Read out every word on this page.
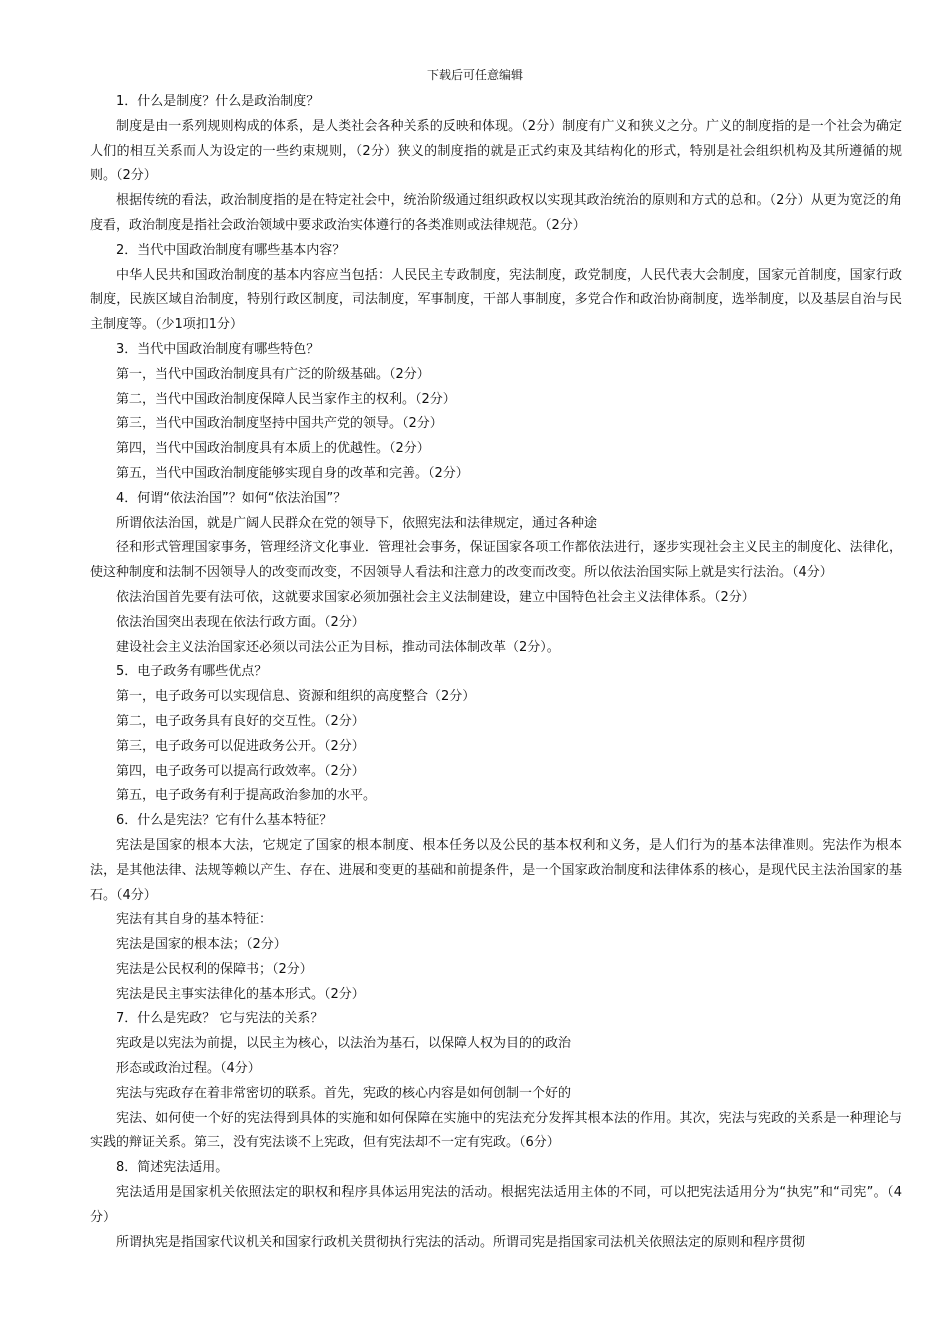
下载后可任意编辑

1．什么是制度？什么是政治制度？

制度是由一系列规则构成的体系，是人类社会各种关系的反映和体现。（2分）制度有广义和狭义之分。广义的制度指的是一个社会为确定人们的相互关系而人为设定的一些约束规则，（2分）狭义的制度指的就是正式约束及其结构化的形式，特别是社会组织机构及其所遵循的规则。（2分）

根据传统的看法，政治制度指的是在特定社会中，统治阶级通过组织政权以实现其政治统治的原则和方式的总和。（2分）从更为宽泛的角度看，政治制度是指社会政治领域中要求政治实体遵行的各类准则或法律规范。（2分）

2．当代中国政治制度有哪些基本内容？

中华人民共和国政治制度的基本内容应当包括：人民民主专政制度，宪法制度，政党制度，人民代表大会制度，国家元首制度，国家行政制度，民族区域自治制度，特别行政区制度，司法制度，军事制度，干部人事制度，多党合作和政治协商制度，选举制度，以及基层自治与民主制度等。（少1项扣1分）

3．当代中国政治制度有哪些特色？

第一，当代中国政治制度具有广泛的阶级基础。（2分）

第二，当代中国政治制度保障人民当家作主的权利。（2分）

第三，当代中国政治制度坚持中国共产党的领导。（2分）

第四，当代中国政治制度具有本质上的优越性。（2分）

第五，当代中国政治制度能够实现自身的改革和完善。（2分）

4．何谓“依法治国”？如何“依法治国”？

所谓依法治国，就是广阔人民群众在党的领导下，依照宪法和法律规定，通过各种途

径和形式管理国家事务，管理经济文化事业．管理社会事务，保证国家各项工作都依法进行，逐步实现社会主义民主的制度化、法律化，使这种制度和法制不因领导人的改变而改变，不因领导人看法和注意力的改变而改变。所以依法治国实际上就是实行法治。（4分）

依法治国首先要有法可依，这就要求国家必须加强社会主义法制建设，建立中国特色社会主义法律体系。（2分）

依法治国突出表现在依法行政方面。（2分）

建设社会主义法治国家还必须以司法公正为目标，推动司法体制改革（2分）。

5．电子政务有哪些优点？

第一，电子政务可以实现信息、资源和组织的高度整合（2分）

第二，电子政务具有良好的交互性。（2分）

第三，电子政务可以促进政务公开。（2分）

第四，电子政务可以提高行政效率。（2分）

第五，电子政务有利于提高政治参加的水平。

6．什么是宪法？它有什么基本特征？

宪法是国家的根本大法，它规定了国家的根本制度、根本任务以及公民的基本权利和义务，是人们行为的基本法律准则。宪法作为根本法，是其他法律、法规等赖以产生、存在、进展和变更的基础和前提条件，是一个国家政治制度和法律体系的核心，是现代民主法治国家的基石。（4分）

宪法有其自身的基本特征：

宪法是国家的根本法；（2分）

宪法是公民权利的保障书；（2分）

宪法是民主事实法律化的基本形式。（2分）

7．什么是宪政？ 它与宪法的关系？

宪政是以宪法为前提，以民主为核心，以法治为基石，以保障人权为目的的政治

形态或政治过程。（4分）

宪法与宪政存在着非常密切的联系。首先，宪政的核心内容是如何创制一个好的

宪法、如何使一个好的宪法得到具体的实施和如何保障在实施中的宪法充分发挥其根本法的作用。其次，宪法与宪政的关系是一种理论与实践的辩证关系。第三，没有宪法谈不上宪政，但有宪法却不一定有宪政。（6分）

8．简述宪法适用。

宪法适用是国家机关依照法定的职权和程序具体运用宪法的活动。根据宪法适用主体的不同，可以把宪法适用分为“执宪”和“司宪”。（4分）

所谓执宪是指国家代议机关和国家行政机关贯彻执行宪法的活动。所谓司宪是指国家司法机关依照法定的原则和程序贯彻
